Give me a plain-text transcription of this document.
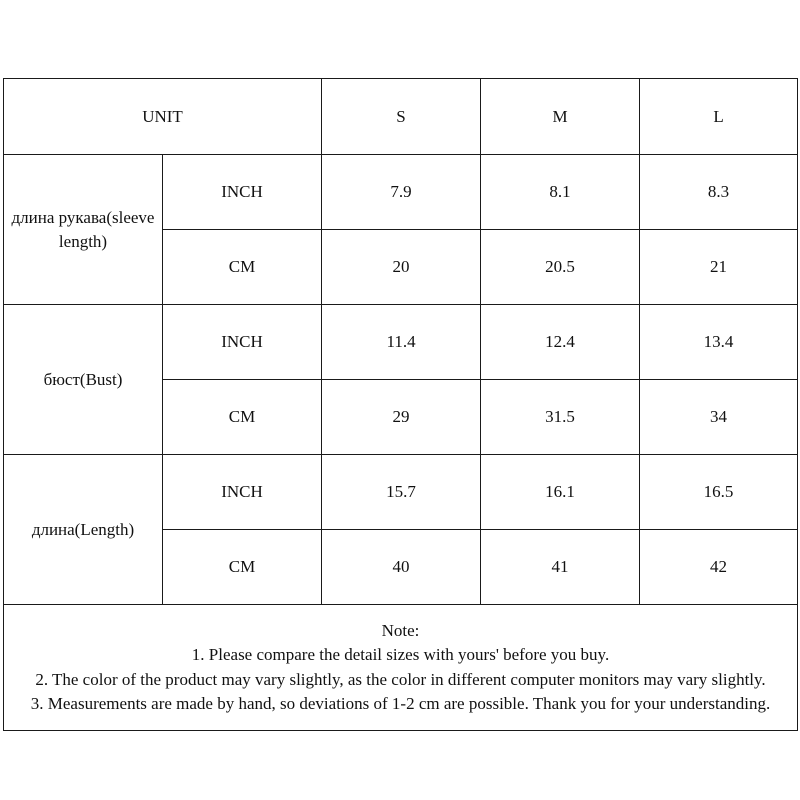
UNIT		S	M	L

длина рукава(sleeve
length)	INCH	7.9	8.1	8.3
	CM	20	20.5	21
бюст(Bust)	INCH	11.4	12.4	13.4
	CM	29	31.5	34
длина(Length)	INCH	15.7	16.1	16.5
	CM	40	41	42

Note:
1. Please compare the detail sizes with yours' before you buy.
2. The color of the product may vary slightly, as the color in different computer monitors may vary slightly.
3. Measurements are made by hand, so deviations of 1-2 cm are possible. Thank you for your understanding.				
